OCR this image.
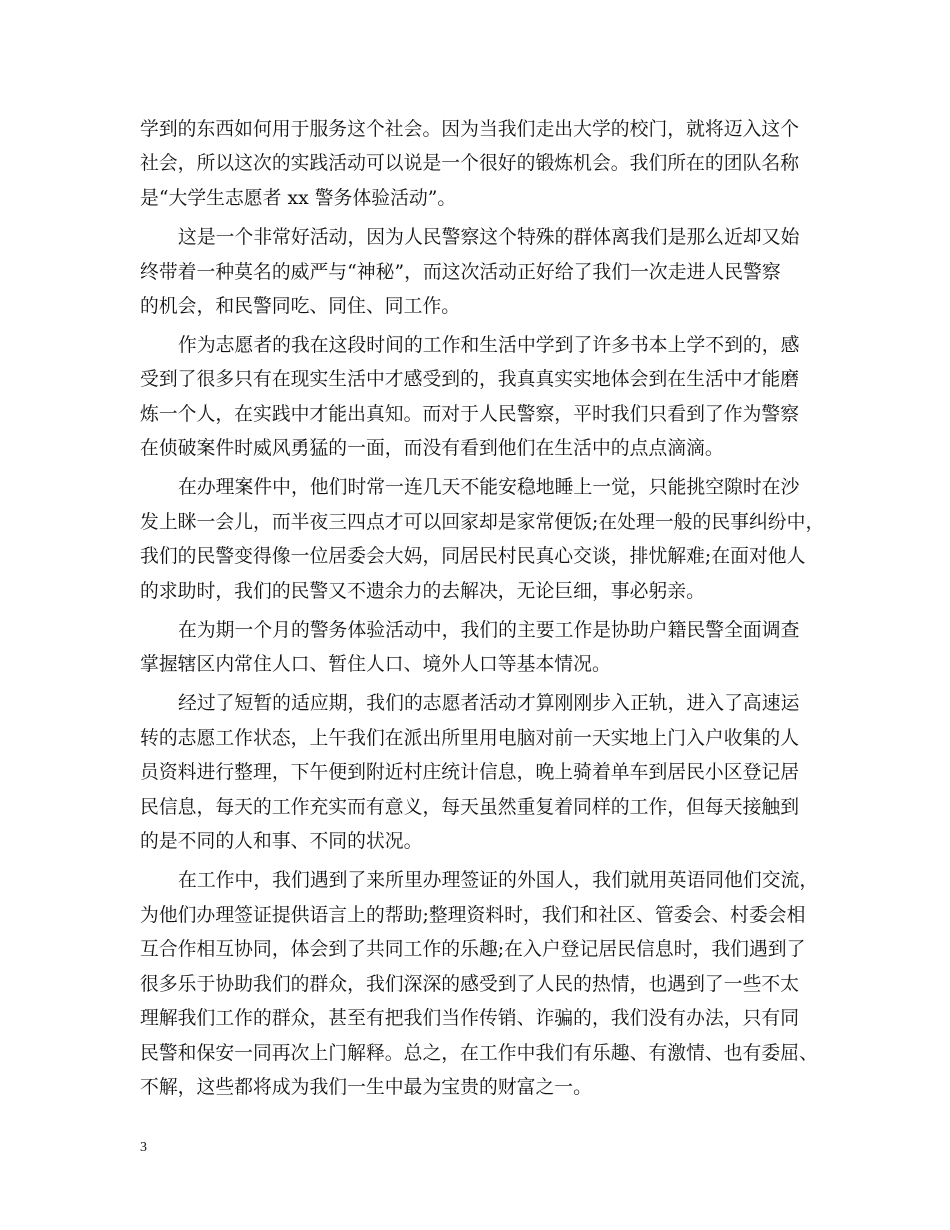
学到的东西如何用于服务这个社会。因为当我们走出大学的校门，就将迈入这个
社会，所以这次的实践活动可以说是一个很好的锻炼机会。我们所在的团队名称
是“大学生志愿者 xx 警务体验活动”。
这是一个非常好活动，因为人民警察这个特殊的群体离我们是那么近却又始
终带着一种莫名的威严与“神秘”，而这次活动正好给了我们一次走进人民警察
的机会，和民警同吃、同住、同工作。
作为志愿者的我在这段时间的工作和生活中学到了许多书本上学不到的，感
受到了很多只有在现实生活中才感受到的，我真真实实地体会到在生活中才能磨
炼一个人，在实践中才能出真知。而对于人民警察，平时我们只看到了作为警察
在侦破案件时威风勇猛的一面，而没有看到他们在生活中的点点滴滴。
在办理案件中，他们时常一连几天不能安稳地睡上一觉，只能挑空隙时在沙
发上眯一会儿，而半夜三四点才可以回家却是家常便饭;在处理一般的民事纠纷中，
我们的民警变得像一位居委会大妈，同居民村民真心交谈，排忧解难;在面对他人
的求助时，我们的民警又不遗余力的去解决，无论巨细，事必躬亲。
在为期一个月的警务体验活动中，我们的主要工作是协助户籍民警全面调查
掌握辖区内常住人口、暂住人口、境外人口等基本情况。
经过了短暂的适应期，我们的志愿者活动才算刚刚步入正轨，进入了高速运
转的志愿工作状态，上午我们在派出所里用电脑对前一天实地上门入户收集的人
员资料进行整理，下午便到附近村庄统计信息，晚上骑着单车到居民小区登记居
民信息，每天的工作充实而有意义，每天虽然重复着同样的工作，但每天接触到
的是不同的人和事、不同的状况。
在工作中，我们遇到了来所里办理签证的外国人，我们就用英语同他们交流，
为他们办理签证提供语言上的帮助;整理资料时，我们和社区、管委会、村委会相
互合作相互协同，体会到了共同工作的乐趣;在入户登记居民信息时，我们遇到了
很多乐于协助我们的群众，我们深深的感受到了人民的热情，也遇到了一些不太
理解我们工作的群众，甚至有把我们当作传销、诈骗的，我们没有办法，只有同
民警和保安一同再次上门解释。总之，在工作中我们有乐趣、有激情、也有委屈、
不解，这些都将成为我们一生中最为宝贵的财富之一。
3
